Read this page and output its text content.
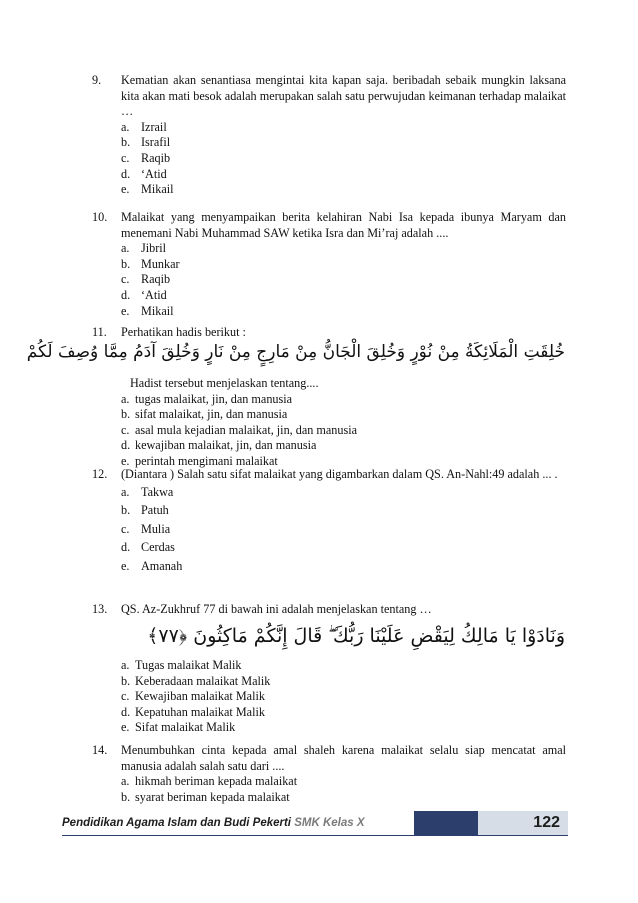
9. Kematian akan senantiasa mengintai kita kapan saja. beribadah sebaik mungkin laksana kita akan mati besok adalah merupakan salah satu perwujudan keimanan terhadap malaikat …
a. Izrail
b. Israfil
c. Raqib
d. ‘Atid
e. Mikail
10. Malaikat yang menyampaikan berita kelahiran Nabi Isa kepada ibunya Maryam dan menemani Nabi Muhammad SAW ketika Isra dan Mi’raj adalah ....
a. Jibril
b. Munkar
c. Raqib
d. ‘Atid
e. Mikail
11. Perhatikan hadis berikut :
خُلِقَتِ الْمَلَائِكَةُ مِنْ نُوْرٍ وَخُلِقَ الْجَانُّ مِنْ مَارِجٍ مِنْ نَارٍ وَخُلِقَ آدَمُ مِمَّا وُصِفَ لَكُمْ
Hadist tersebut menjelaskan tentang....
a. tugas malaikat, jin, dan manusia
b. sifat malaikat, jin, dan manusia
c. asal mula kejadian malaikat, jin, dan manusia
d. kewajiban malaikat, jin, dan manusia
e. perintah mengimani malaikat
12. (Diantara ) Salah satu sifat malaikat yang digambarkan dalam QS. An-Nahl:49 adalah ... .
a. Takwa
b. Patuh
c. Mulia
d. Cerdas
e. Amanah
13. QS. Az-Zukhruf 77 di bawah ini adalah menjelaskan tentang …
وَنَادَوْا يَا مَالِكُ لِيَقْضِ عَلَيْنَا رَبُّكَ ۖ قَالَ إِنَّكُمْ مَاكِثُونَ ﴿٧٧﴾
a. Tugas malaikat Malik
b. Keberadaan malaikat Malik
c. Kewajiban malaikat Malik
d. Kepatuhan malaikat Malik
e. Sifat malaikat Malik
14. Menumbuhkan cinta kepada amal shaleh karena malaikat selalu siap mencatat amal manusia adalah salah satu dari ....
a. hikmah beriman kepada malaikat
b. syarat beriman kepada malaikat
Pendidikan Agama Islam dan Budi Pekerti SMK Kelas X	122
